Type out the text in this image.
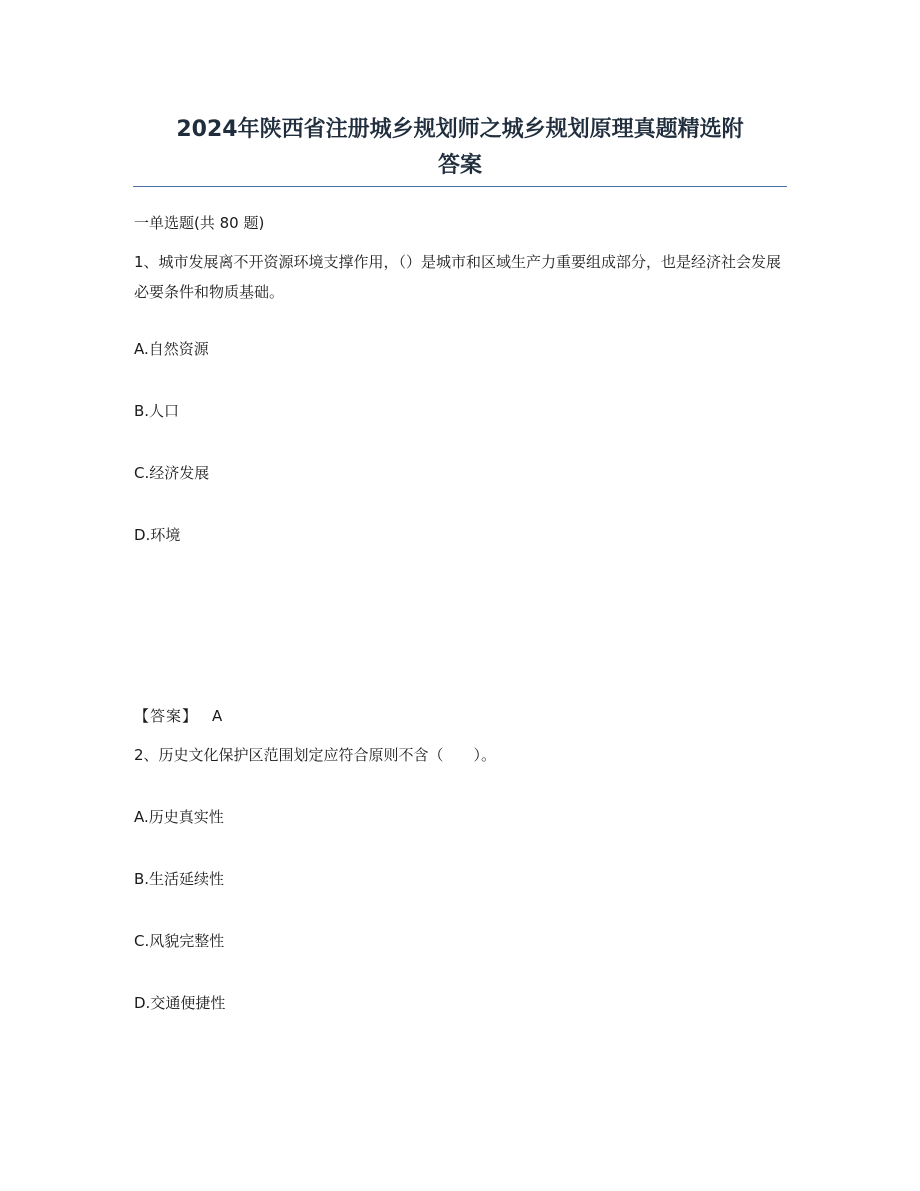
2024年陕西省注册城乡规划师之城乡规划原理真题精选附
答案
一单选题(共 80 题)
1、城市发展离不开资源环境支撑作用，（）是城市和区域生产力重要组成部分，也是经济社会发展必要条件和物质基础。
A.自然资源
B.人口
C.经济发展
D.环境
【答案】 A
2、历史文化保护区范围划定应符合原则不含（　　）。
A.历史真实性
B.生活延续性
C.风貌完整性
D.交通便捷性
